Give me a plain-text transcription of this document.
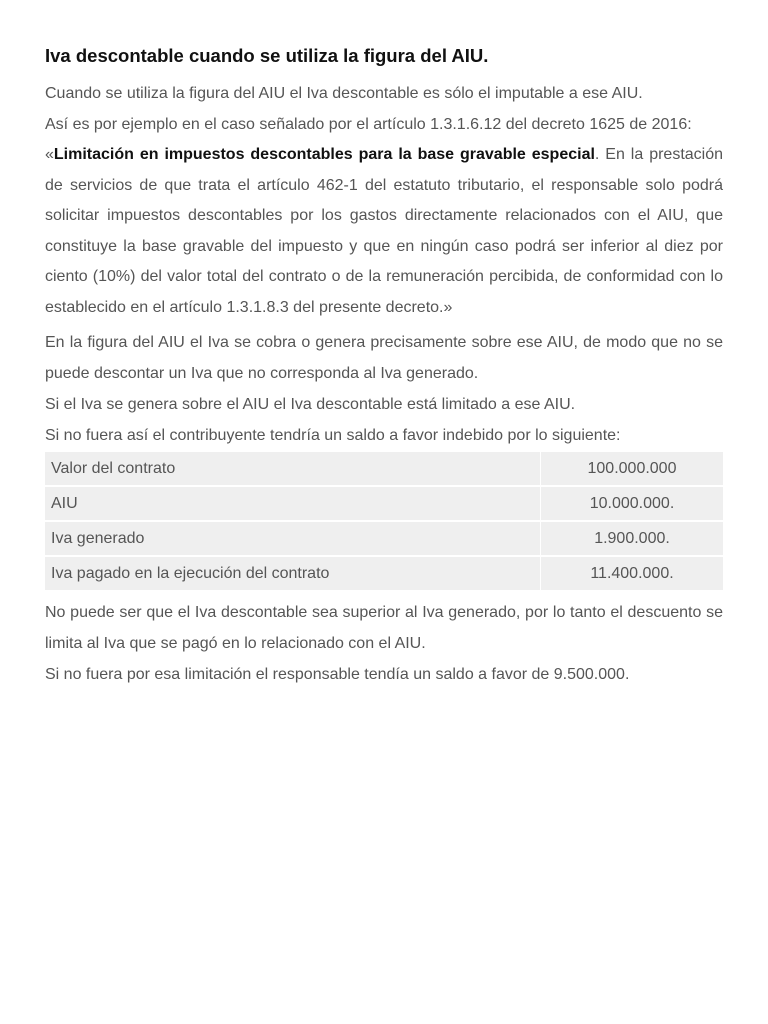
Iva descontable cuando se utiliza la figura del AIU.

Cuando se utiliza la figura del AIU el Iva descontable es sólo el imputable a ese AIU.

Así es por ejemplo en el caso señalado por el artículo 1.3.1.6.12 del decreto 1625 de 2016:

«Limitación en impuestos descontables para la base gravable especial. En la prestación de servicios de que trata el artículo 462-1 del estatuto tributario, el responsable solo podrá solicitar impuestos descontables por los gastos directamente relacionados con el AIU, que constituye la base gravable del impuesto y que en ningún caso podrá ser inferior al diez por ciento (10%) del valor total del contrato o de la remuneración percibida, de conformidad con lo establecido en el artículo 1.3.1.8.3 del presente decreto.»

En la figura del AIU el Iva se cobra o genera precisamente sobre ese AIU, de modo que no se puede descontar un Iva que no corresponda al Iva generado.

Si el Iva se genera sobre el AIU el Iva descontable está limitado a ese AIU.

Si no fuera así el contribuyente tendría un saldo a favor indebido por lo siguiente:

Valor del contrato	100.000.000
AIU	10.000.000.
Iva generado	1.900.000.
Iva pagado en la ejecución del contrato	11.400.000.

No puede ser que el Iva descontable sea superior al Iva generado, por lo tanto el descuento se limita al Iva que se pagó en lo relacionado con el AIU.

Si no fuera por esa limitación el responsable tendía un saldo a favor de 9.500.000.
